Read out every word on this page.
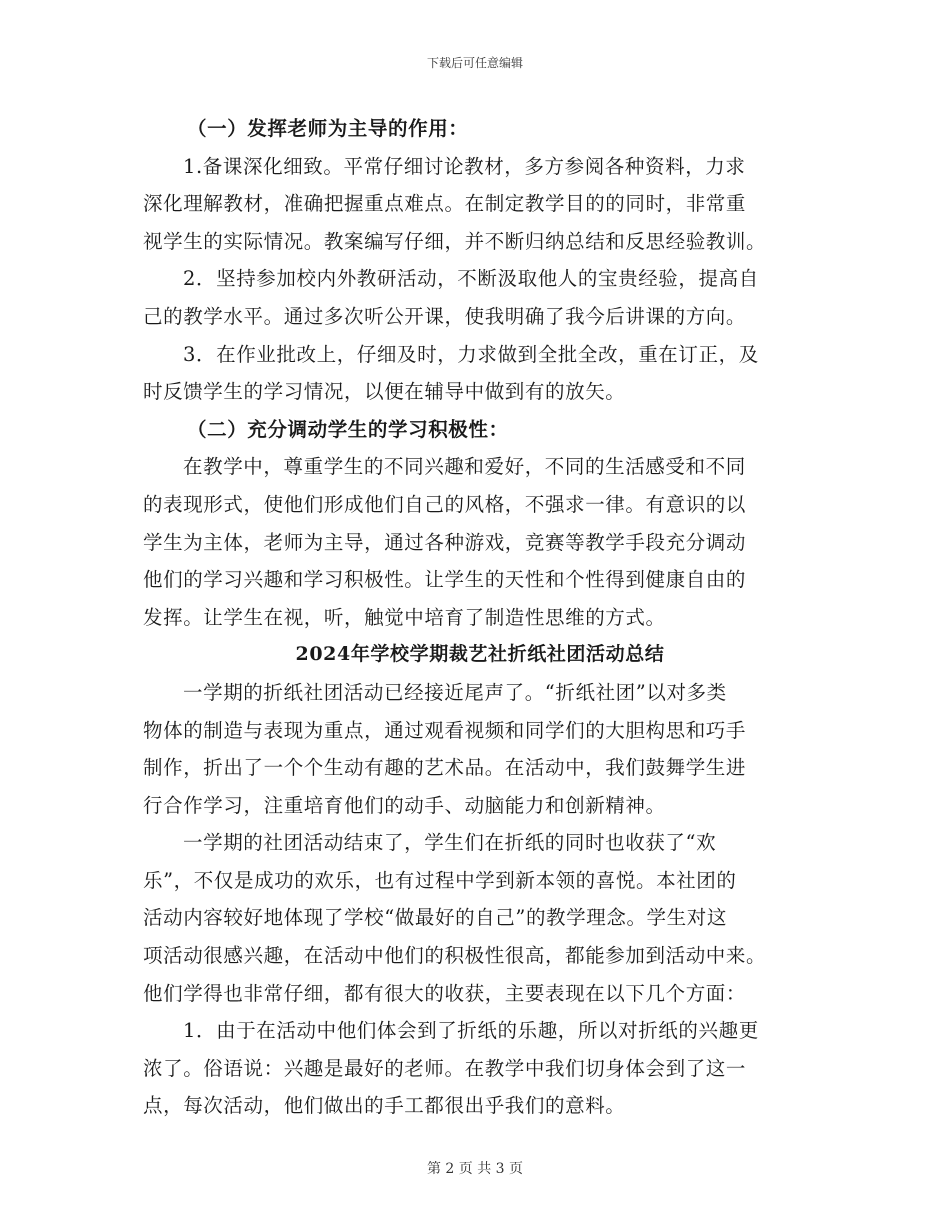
下载后可任意编辑
（一）发挥老师为主导的作用：
1.备课深化细致。平常仔细讨论教材，多方参阅各种资料，力求
深化理解教材，准确把握重点难点。在制定教学目的的同时，非常重
视学生的实际情况。教案编写仔细，并不断归纳总结和反思经验教训。
2．坚持参加校内外教研活动，不断汲取他人的宝贵经验，提高自
己的教学水平。通过多次听公开课，使我明确了我今后讲课的方向。
3．在作业批改上，仔细及时，力求做到全批全改，重在订正，及
时反馈学生的学习情况，以便在辅导中做到有的放矢。
（二）充分调动学生的学习积极性：
在教学中，尊重学生的不同兴趣和爱好，不同的生活感受和不同
的表现形式，使他们形成他们自己的风格，不强求一律。有意识的以
学生为主体，老师为主导，通过各种游戏，竞赛等教学手段充分调动
他们的学习兴趣和学习积极性。让学生的天性和个性得到健康自由的
发挥。让学生在视，听，触觉中培育了制造性思维的方式。
2024年学校学期裁艺社折纸社团活动总结
一学期的折纸社团活动已经接近尾声了。“折纸社团”以对多类
物体的制造与表现为重点，通过观看视频和同学们的大胆构思和巧手
制作，折出了一个个生动有趣的艺术品。在活动中，我们鼓舞学生进
行合作学习，注重培育他们的动手、动脑能力和创新精神。
一学期的社团活动结束了，学生们在折纸的同时也收获了“欢
乐”，不仅是成功的欢乐，也有过程中学到新本领的喜悦。本社团的
活动内容较好地体现了学校“做最好的自己”的教学理念。学生对这
项活动很感兴趣，在活动中他们的积极性很高，都能参加到活动中来。
他们学得也非常仔细，都有很大的收获，主要表现在以下几个方面：
1．由于在活动中他们体会到了折纸的乐趣，所以对折纸的兴趣更
浓了。俗语说：兴趣是最好的老师。在教学中我们切身体会到了这一
点，每次活动，他们做出的手工都很出乎我们的意料。
第 2 页 共 3 页
